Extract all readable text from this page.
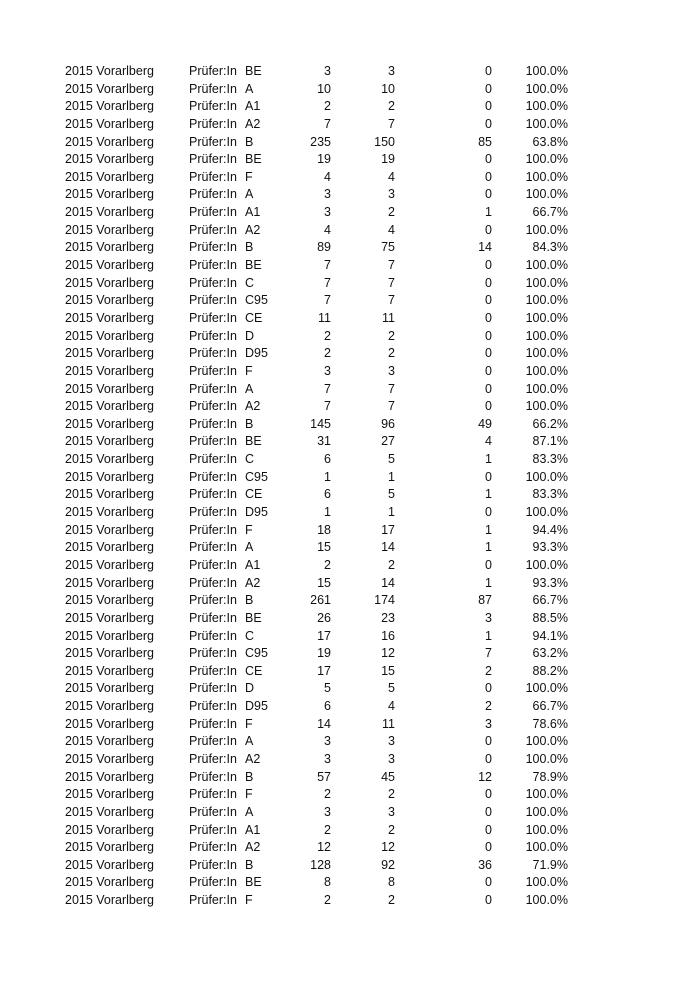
2015 Vorarlberg	Prüfer:In BE	3	3	0	100.0%
2015 Vorarlberg	Prüfer:In A	10	10	0	100.0%
2015 Vorarlberg	Prüfer:In A1	2	2	0	100.0%
2015 Vorarlberg	Prüfer:In A2	7	7	0	100.0%
2015 Vorarlberg	Prüfer:In B	235	150	85	63.8%
2015 Vorarlberg	Prüfer:In BE	19	19	0	100.0%
2015 Vorarlberg	Prüfer:In F	4	4	0	100.0%
2015 Vorarlberg	Prüfer:In A	3	3	0	100.0%
2015 Vorarlberg	Prüfer:In A1	3	2	1	66.7%
2015 Vorarlberg	Prüfer:In A2	4	4	0	100.0%
2015 Vorarlberg	Prüfer:In B	89	75	14	84.3%
2015 Vorarlberg	Prüfer:In BE	7	7	0	100.0%
2015 Vorarlberg	Prüfer:In C	7	7	0	100.0%
2015 Vorarlberg	Prüfer:In C95	7	7	0	100.0%
2015 Vorarlberg	Prüfer:In CE	11	11	0	100.0%
2015 Vorarlberg	Prüfer:In D	2	2	0	100.0%
2015 Vorarlberg	Prüfer:In D95	2	2	0	100.0%
2015 Vorarlberg	Prüfer:In F	3	3	0	100.0%
2015 Vorarlberg	Prüfer:In A	7	7	0	100.0%
2015 Vorarlberg	Prüfer:In A2	7	7	0	100.0%
2015 Vorarlberg	Prüfer:In B	145	96	49	66.2%
2015 Vorarlberg	Prüfer:In BE	31	27	4	87.1%
2015 Vorarlberg	Prüfer:In C	6	5	1	83.3%
2015 Vorarlberg	Prüfer:In C95	1	1	0	100.0%
2015 Vorarlberg	Prüfer:In CE	6	5	1	83.3%
2015 Vorarlberg	Prüfer:In D95	1	1	0	100.0%
2015 Vorarlberg	Prüfer:In F	18	17	1	94.4%
2015 Vorarlberg	Prüfer:In A	15	14	1	93.3%
2015 Vorarlberg	Prüfer:In A1	2	2	0	100.0%
2015 Vorarlberg	Prüfer:In A2	15	14	1	93.3%
2015 Vorarlberg	Prüfer:In B	261	174	87	66.7%
2015 Vorarlberg	Prüfer:In BE	26	23	3	88.5%
2015 Vorarlberg	Prüfer:In C	17	16	1	94.1%
2015 Vorarlberg	Prüfer:In C95	19	12	7	63.2%
2015 Vorarlberg	Prüfer:In CE	17	15	2	88.2%
2015 Vorarlberg	Prüfer:In D	5	5	0	100.0%
2015 Vorarlberg	Prüfer:In D95	6	4	2	66.7%
2015 Vorarlberg	Prüfer:In F	14	11	3	78.6%
2015 Vorarlberg	Prüfer:In A	3	3	0	100.0%
2015 Vorarlberg	Prüfer:In A2	3	3	0	100.0%
2015 Vorarlberg	Prüfer:In B	57	45	12	78.9%
2015 Vorarlberg	Prüfer:In F	2	2	0	100.0%
2015 Vorarlberg	Prüfer:In A	3	3	0	100.0%
2015 Vorarlberg	Prüfer:In A1	2	2	0	100.0%
2015 Vorarlberg	Prüfer:In A2	12	12	0	100.0%
2015 Vorarlberg	Prüfer:In B	128	92	36	71.9%
2015 Vorarlberg	Prüfer:In BE	8	8	0	100.0%
2015 Vorarlberg	Prüfer:In F	2	2	0	100.0%
